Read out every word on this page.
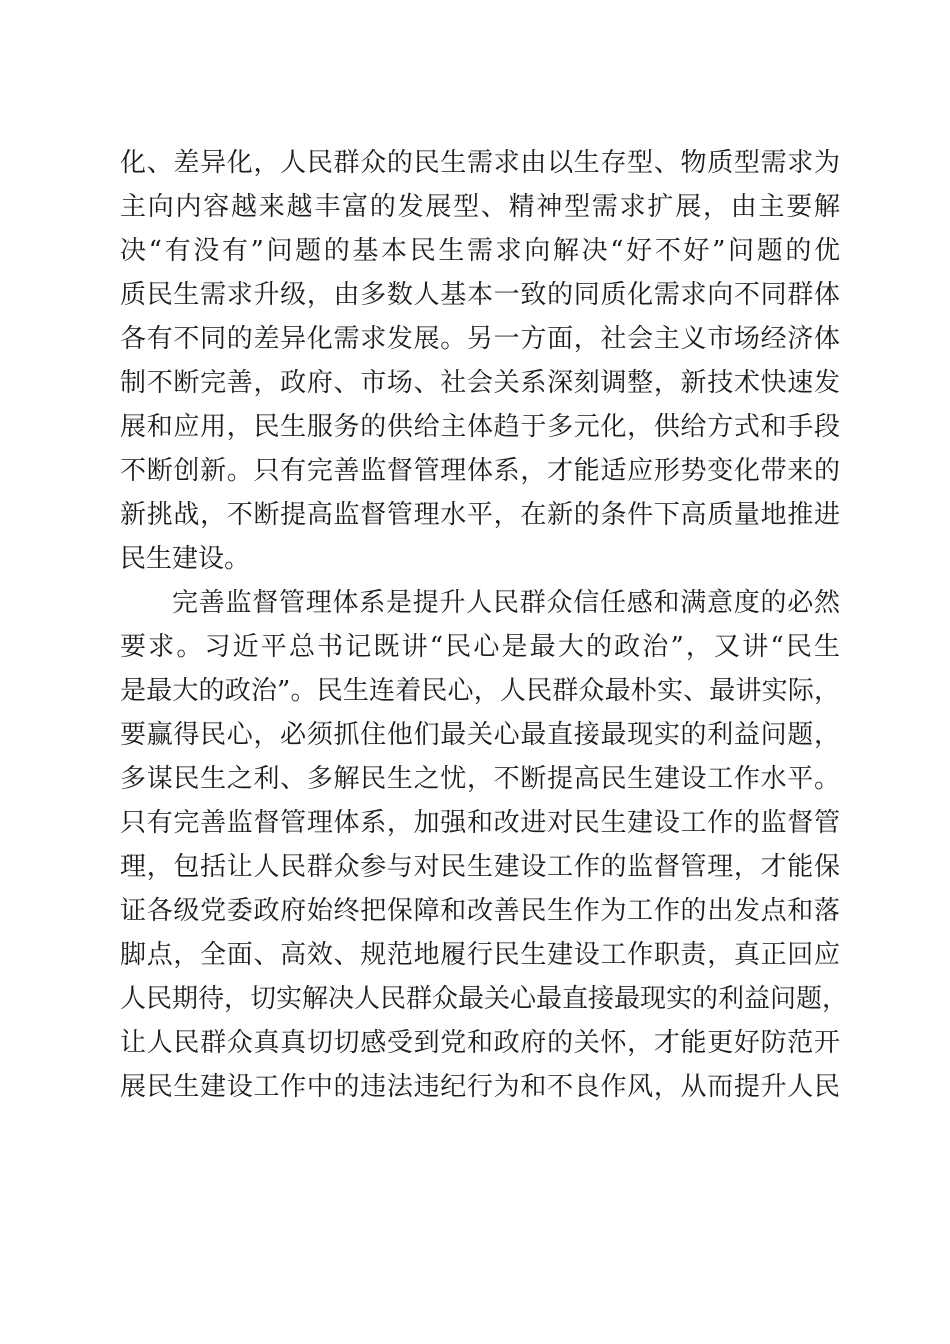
化、差异化，人民群众的民生需求由以生存型、物质型需求为
主向内容越来越丰富的发展型、精神型需求扩展，由主要解
决“有没有”问题的基本民生需求向解决“好不好”问题的优
质民生需求升级，由多数人基本一致的同质化需求向不同群体
各有不同的差异化需求发展。另一方面，社会主义市场经济体
制不断完善，政府、市场、社会关系深刻调整，新技术快速发
展和应用，民生服务的供给主体趋于多元化，供给方式和手段
不断创新。只有完善监督管理体系，才能适应形势变化带来的
新挑战，不断提高监督管理水平，在新的条件下高质量地推进
民生建设。
完善监督管理体系是提升人民群众信任感和满意度的必然
要求。习近平总书记既讲“民心是最大的政治”，又讲“民生
是最大的政治”。民生连着民心，人民群众最朴实、最讲实际，
要赢得民心，必须抓住他们最关心最直接最现实的利益问题，
多谋民生之利、多解民生之忧，不断提高民生建设工作水平。
只有完善监督管理体系，加强和改进对民生建设工作的监督管
理，包括让人民群众参与对民生建设工作的监督管理，才能保
证各级党委政府始终把保障和改善民生作为工作的出发点和落
脚点，全面、高效、规范地履行民生建设工作职责，真正回应
人民期待，切实解决人民群众最关心最直接最现实的利益问题，
让人民群众真真切切感受到党和政府的关怀，才能更好防范开
展民生建设工作中的违法违纪行为和不良作风，从而提升人民
